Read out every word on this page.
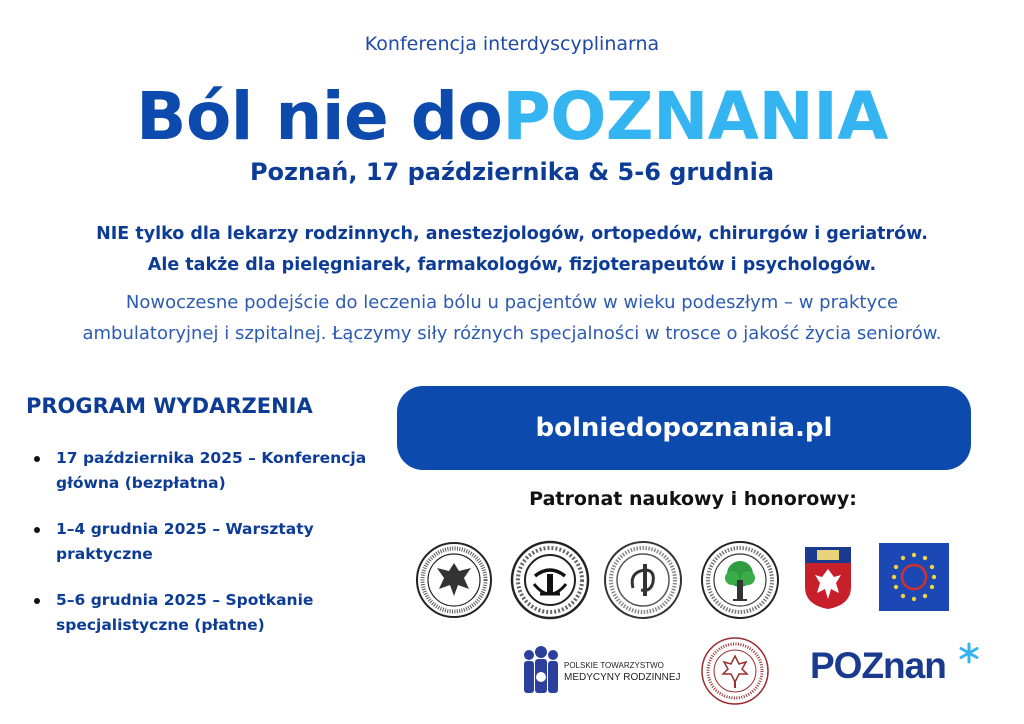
Konferencja interdyscyplinarna
Ból nie doPOZNANIA
Poznań, 17 października & 5-6 grudnia
NIE tylko dla lekarzy rodzinnych, anestezjologów, ortopedów, chirurgów i geriatrów.
Ale także dla pielęgniarek, farmakologów, fizjoterapeutów i psychologów.
Nowoczesne podejście do leczenia bólu u pacjentów w wieku podeszłym – w praktyce
ambulatoryjnej i szpitalnej. Łączymy siły różnych specjalności w trosce o jakość życia seniorów.
PROGRAM WYDARZENIA
17 października 2025 – Konferencja
główna (bezpłatna)
1–4 grudnia 2025 – Warsztaty
praktyczne
5–6 grudnia 2025 – Spotkanie
specjalistyczne (płatne)
bolniedopoznania.pl
Patronat naukowy i honorowy:
POLSKIE TOWARZYSTWO
MEDYCYNY RODZINNEJ	POZnan
